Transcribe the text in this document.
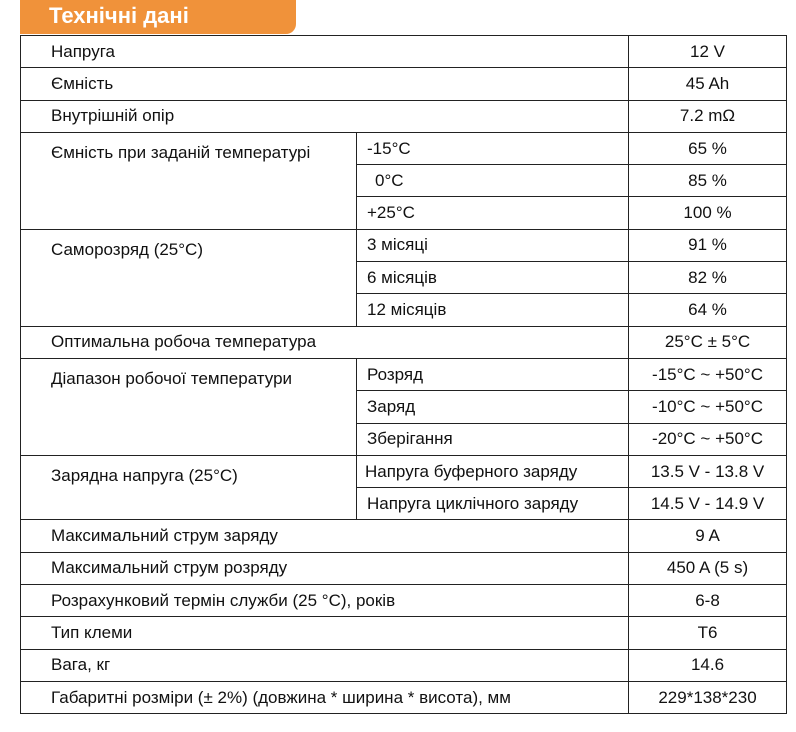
Технічні дані
Напруга		12 V
Ємність		45 Ah
Внутрішній опір		7.2 mΩ
Ємність при заданій температурі	-15°C	65 %
	0°C	85 %
	+25°C	100 %
Саморозряд (25°C)	3 місяці	91 %
	6 місяців	82 %
	12 місяців	64 %
Оптимальна робоча температура		25°C ± 5°C
Діапазон робочої температури	Розряд	-15°C ~ +50°C
	Заряд	-10°C ~ +50°C
	Зберігання	-20°C ~ +50°C
Зарядна напруга (25°C)	Напруга буферного заряду	13.5 V - 13.8 V
	Напруга циклічного заряду	14.5 V - 14.9 V
Максимальний струм заряду		9 A
Максимальний струм розряду		450 A (5 s)
Розрахунковий термін служби (25 °C), років		6-8
Тип клеми		T6
Вага, кг		14.6
Габаритні розміри (± 2%) (довжина * ширина * висота), мм		229*138*230
